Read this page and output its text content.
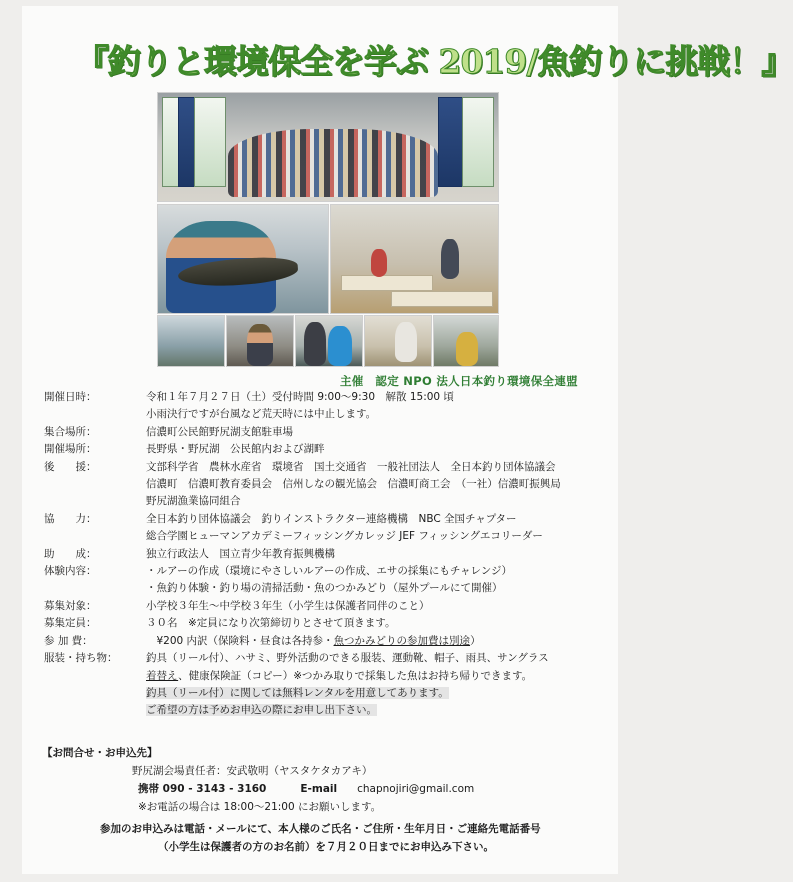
『釣りと環境保全を学ぶ 2019/魚釣りに挑戦！』
主催　認定 NPO 法人日本釣り環境保全連盟
開催日時：	令和１年７月２７日（土）受付時間 9:00～9:30　解散 15:00 頃
小雨決行ですが台風など荒天時には中止します。
集合場所：	信濃町公民館野尻湖支館駐車場
開催場所：	長野県・野尻湖　公民館内および湖畔
後　　援：	文部科学省　農林水産省　環境省　国土交通省　一般社団法人　全日本釣り団体協議会
信濃町　信濃町教育委員会　信州しなの観光協会　信濃町商工会　（一社）信濃町振興局
野尻湖漁業協同組合
協　　力：	全日本釣り団体協議会　釣りインストラクター連絡機構　NBC 全国チャプター
総合学園ヒューマンアカデミーフィッシングカレッジ JEF フィッシングエコリーダー
助　　成：	独立行政法人　国立青少年教育振興機構
体験内容：	・ルアーの作成（環境にやさしいルアーの作成、エサの採集にもチャレンジ）
・魚釣り体験・釣り場の清掃活動・魚のつかみどり（屋外プールにて開催）
募集対象：	小学校３年生～中学校３年生（小学生は保護者同伴のこと）
募集定員：	３０名　※定員になり次第締切りとさせて頂きます。
参 加 費：	　¥200 内訳（保険料・昼食は各持参・魚つかみどりの参加費は別途）
服装・持ち物：	釣具（リール付）、ハサミ、野外活動のできる服装、運動靴、帽子、雨具、サングラス
着替え、健康保険証（コピー）※つかみ取りで採集した魚はお持ち帰りできます。
釣具（リール付）に関しては無料レンタルを用意してあります。
ご希望の方は予めお申込の際にお申し出下さい。
【お問合せ・お申込先】
野尻湖会場責任者：安武敬明（ヤスタケタカアキ）
携帯 090 - 3143 - 3160	E-mail chapnojiri@gmail.com
※お電話の場合は 18:00～21:00 にお願いします。
参加のお申込みは電話・メールにて、本人様のご氏名・ご住所・生年月日・ご連絡先電話番号
（小学生は保護者の方のお名前）を７月２０日までにお申込み下さい。
